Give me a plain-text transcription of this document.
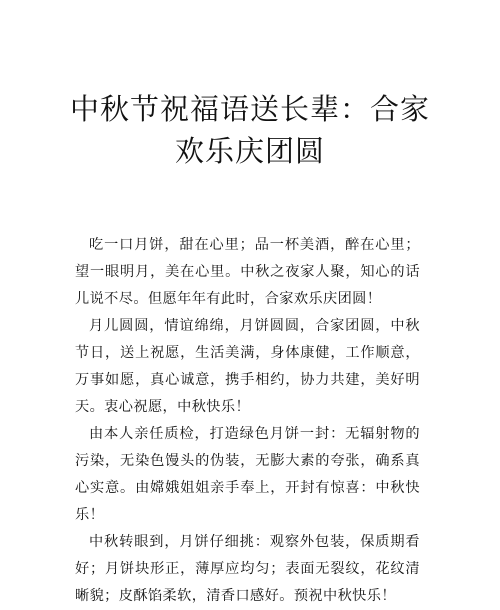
中秋节祝福语送长辈：合家欢乐庆团圆

吃一口月饼，甜在心里；品一杯美酒，醉在心里；望一眼明月，美在心里。中秋之夜家人聚，知心的话儿说不尽。但愿年年有此时，合家欢乐庆团圆！

月儿圆圆，情谊绵绵，月饼圆圆，合家团圆，中秋节日，送上祝愿，生活美满，身体康健，工作顺意，万事如愿，真心诚意，携手相约，协力共建，美好明天。衷心祝愿，中秋快乐！

由本人亲任质检，打造绿色月饼一封：无辐射物的污染，无染色馒头的伪装，无膨大素的夸张，确系真心实意。由嫦娥姐姐亲手奉上，开封有惊喜：中秋快乐！

中秋转眼到，月饼仔细挑：观察外包装，保质期看好；月饼块形正，薄厚应均匀；表面无裂纹，花纹清晰貌；皮酥馅柔软，清香口感好。预祝中秋快乐！
